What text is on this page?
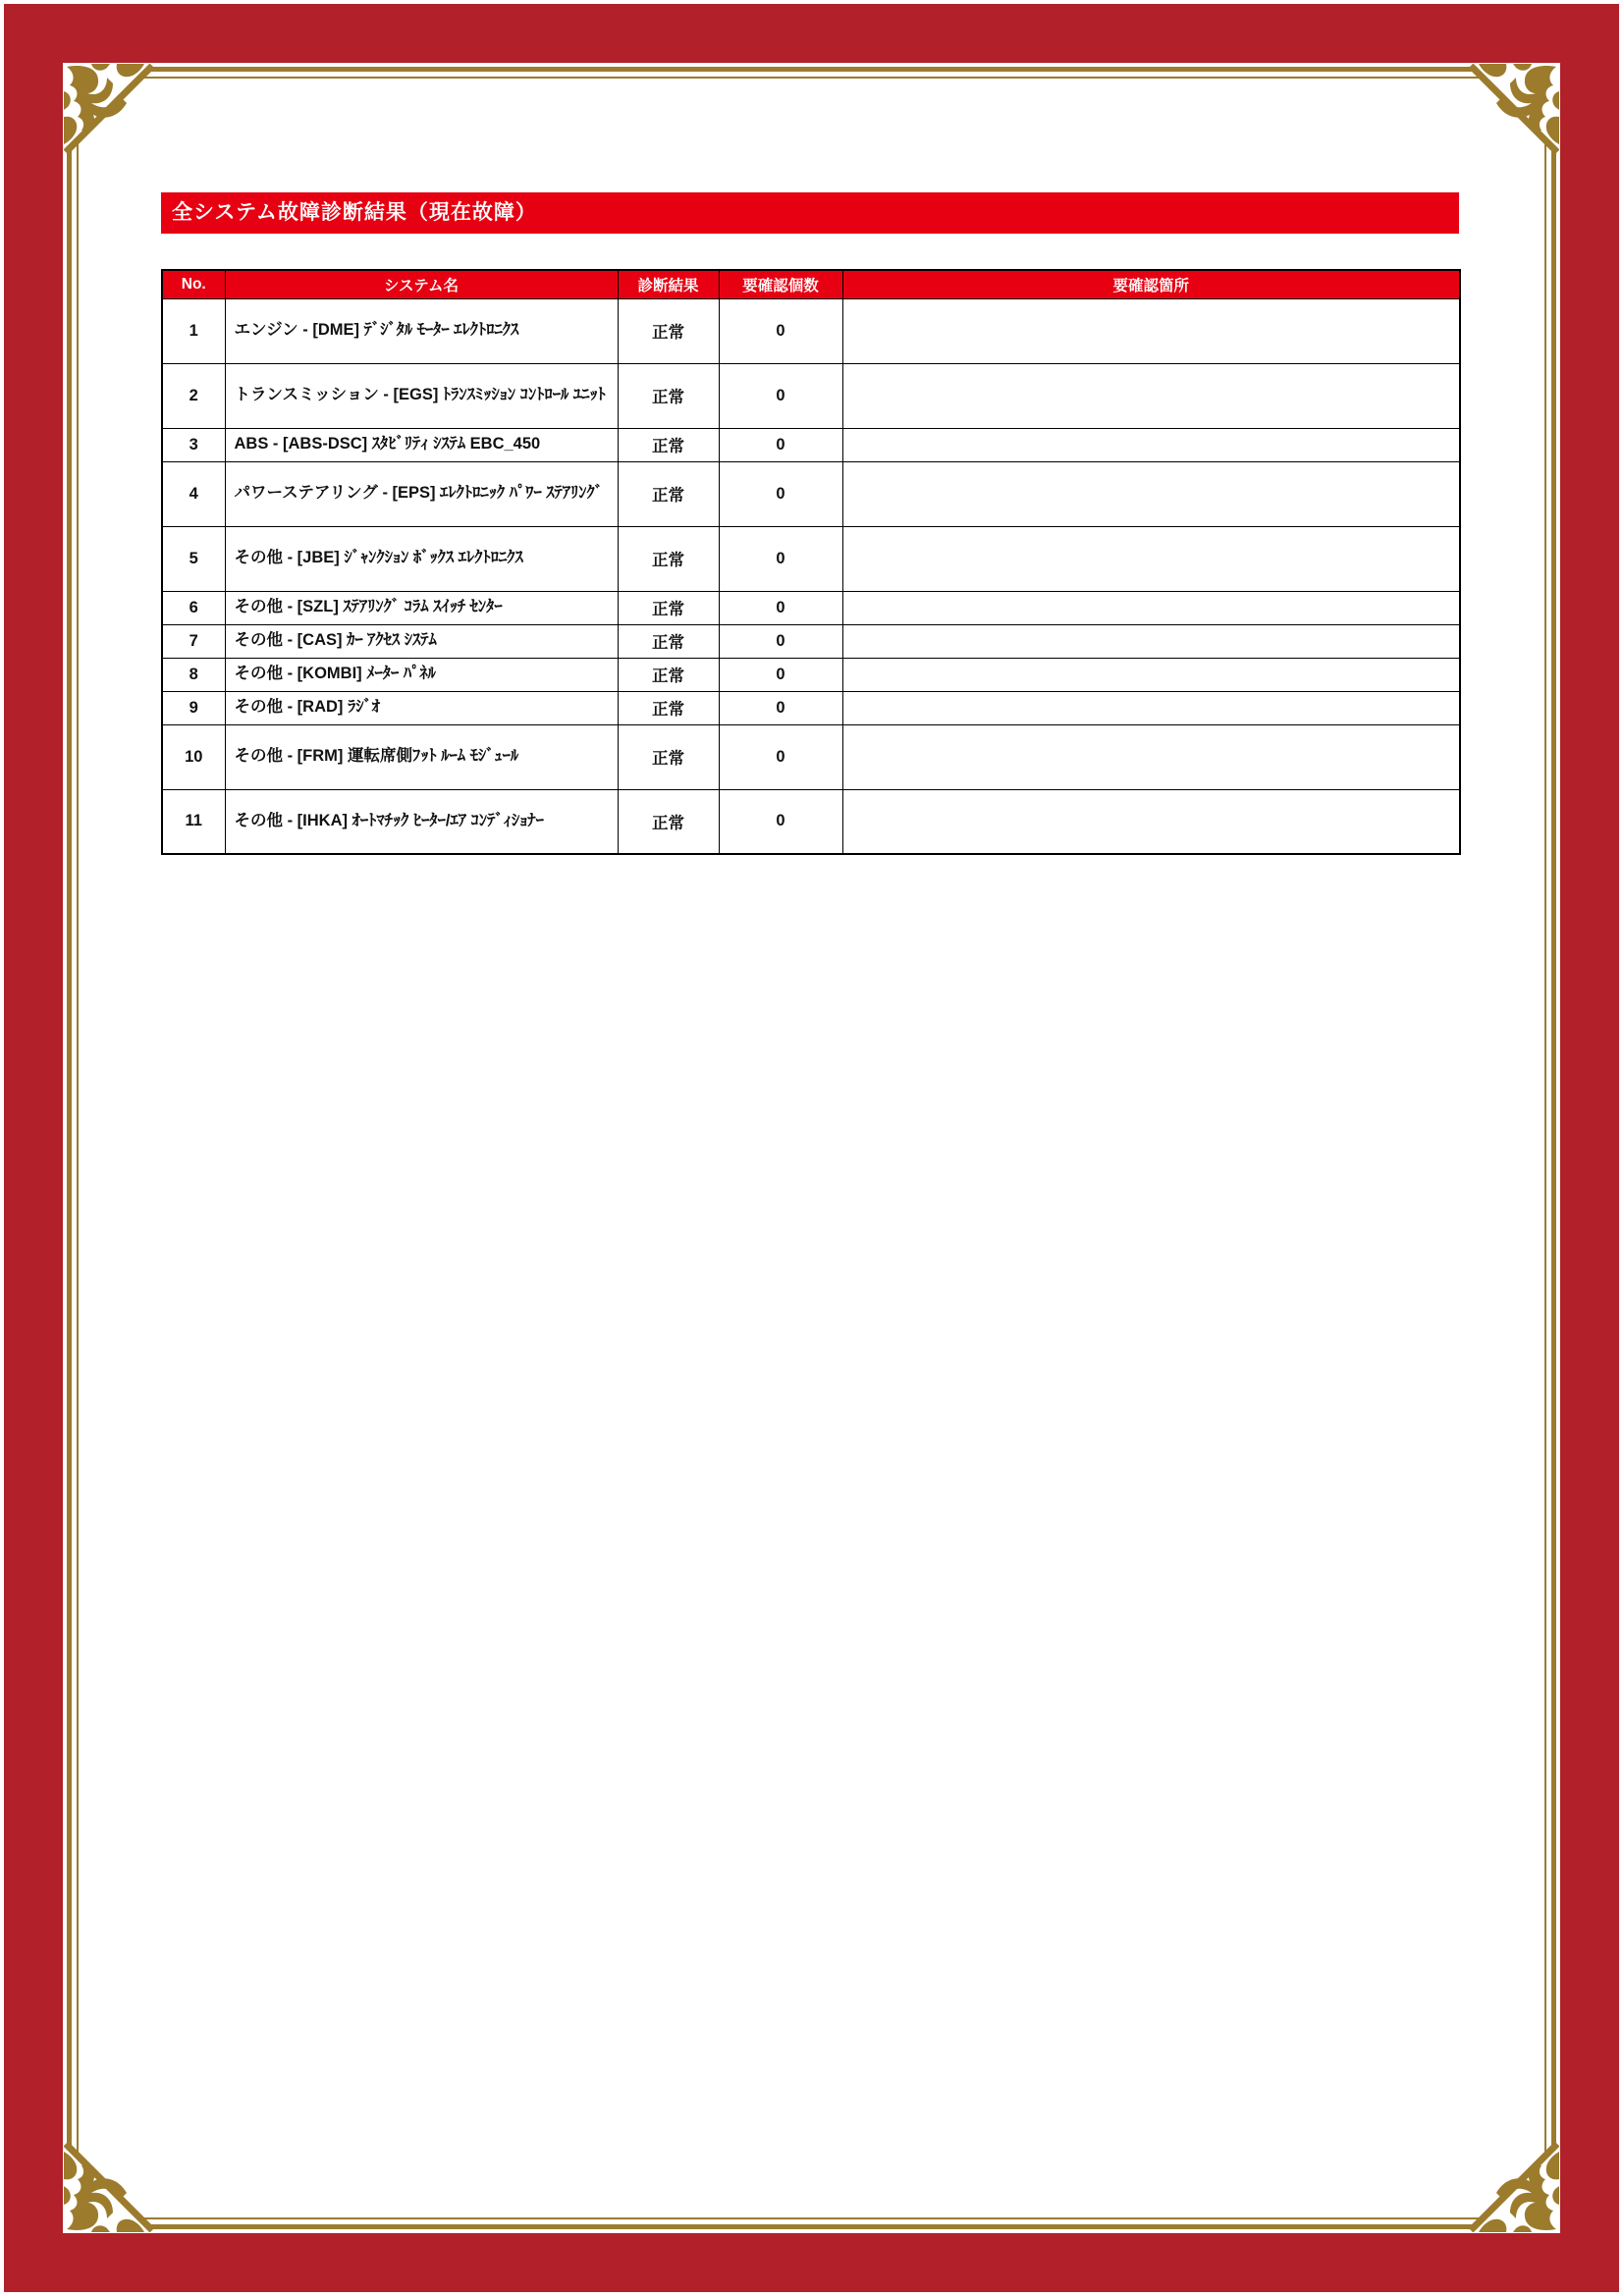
全システム故障診断結果（現在故障）
No.	システム名	診断結果	要確認個数	要確認箇所
1	エンジン - [DME] ﾃﾞｼﾞﾀﾙ ﾓｰﾀｰ ｴﾚｸﾄﾛﾆｸｽ	正常	0	
2	トランスミッション - [EGS] ﾄﾗﾝｽﾐｯｼｮﾝ ｺﾝﾄﾛｰﾙ ﾕﾆｯﾄ	正常	0	
3	ABS - [ABS-DSC] ｽﾀﾋﾞﾘﾃｨ ｼｽﾃﾑ EBC_450	正常	0	
4	パワーステアリング - [EPS] ｴﾚｸﾄﾛﾆｯｸ ﾊﾟﾜｰ ｽﾃｱﾘﾝｸﾞ	正常	0	
5	その他 - [JBE] ｼﾞｬﾝｸｼｮﾝ ﾎﾞｯｸｽ ｴﾚｸﾄﾛﾆｸｽ	正常	0	
6	その他 - [SZL] ｽﾃｱﾘﾝｸﾞ ｺﾗﾑ ｽｲｯﾁ ｾﾝﾀｰ	正常	0	
7	その他 - [CAS] ｶｰ ｱｸｾｽ ｼｽﾃﾑ	正常	0	
8	その他 - [KOMBI] ﾒｰﾀｰ ﾊﾟﾈﾙ	正常	0	
9	その他 - [RAD] ﾗｼﾞｵ	正常	0	
10	その他 - [FRM] 運転席側ﾌｯﾄ ﾙｰﾑ ﾓｼﾞｭｰﾙ	正常	0	
11	その他 - [IHKA] ｵｰﾄﾏﾁｯｸ ﾋｰﾀｰ/ｴｱ ｺﾝﾃﾞｨｼｮﾅｰ	正常	0	
